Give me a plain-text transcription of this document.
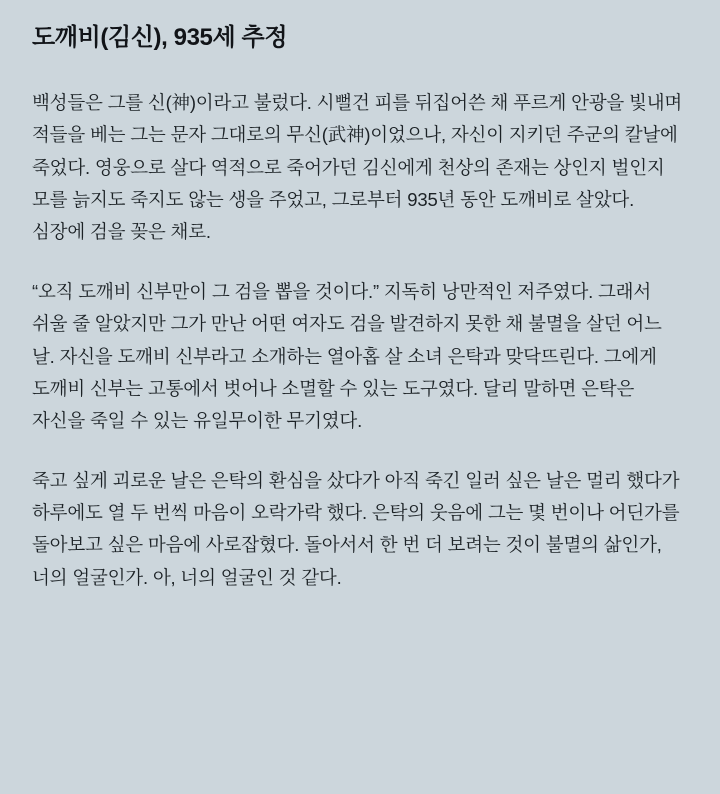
도깨비(김신), 935세 추정

백성들은 그를 신(神)이라고 불렀다. 시뻘건 피를 뒤집어쓴 채 푸르게 안광을 빛내며 적들을 베는 그는 문자 그대로의 무신(武神)이었으나, 자신이 지키던 주군의 칼날에 죽었다. 영웅으로 살다 역적으로 죽어가던 김신에게 천상의 존재는 상인지 벌인지 모를 늙지도 죽지도 않는 생을 주었고, 그로부터 935년 동안 도깨비로 살았다. 심장에 검을 꽂은 채로.

“오직 도깨비 신부만이 그 검을 뽑을 것이다.” 지독히 낭만적인 저주였다. 그래서 쉬울 줄 알았지만 그가 만난 어떤 여자도 검을 발견하지 못한 채 불멸을 살던 어느 날. 자신을 도깨비 신부라고 소개하는 열아홉 살 소녀 은탁과 맞닥뜨린다. 그에게 도깨비 신부는 고통에서 벗어나 소멸할 수 있는 도구였다. 달리 말하면 은탁은 자신을 죽일 수 있는 유일무이한 무기였다.

죽고 싶게 괴로운 날은 은탁의 환심을 샀다가 아직 죽긴 일러 싶은 날은 멀리 했다가 하루에도 열 두 번씩 마음이 오락가락 했다. 은탁의 웃음에 그는 몇 번이나 어딘가를 돌아보고 싶은 마음에 사로잡혔다. 돌아서서 한 번 더 보려는 것이 불멸의 삶인가, 너의 얼굴인가. 아, 너의 얼굴인 것 같다.
